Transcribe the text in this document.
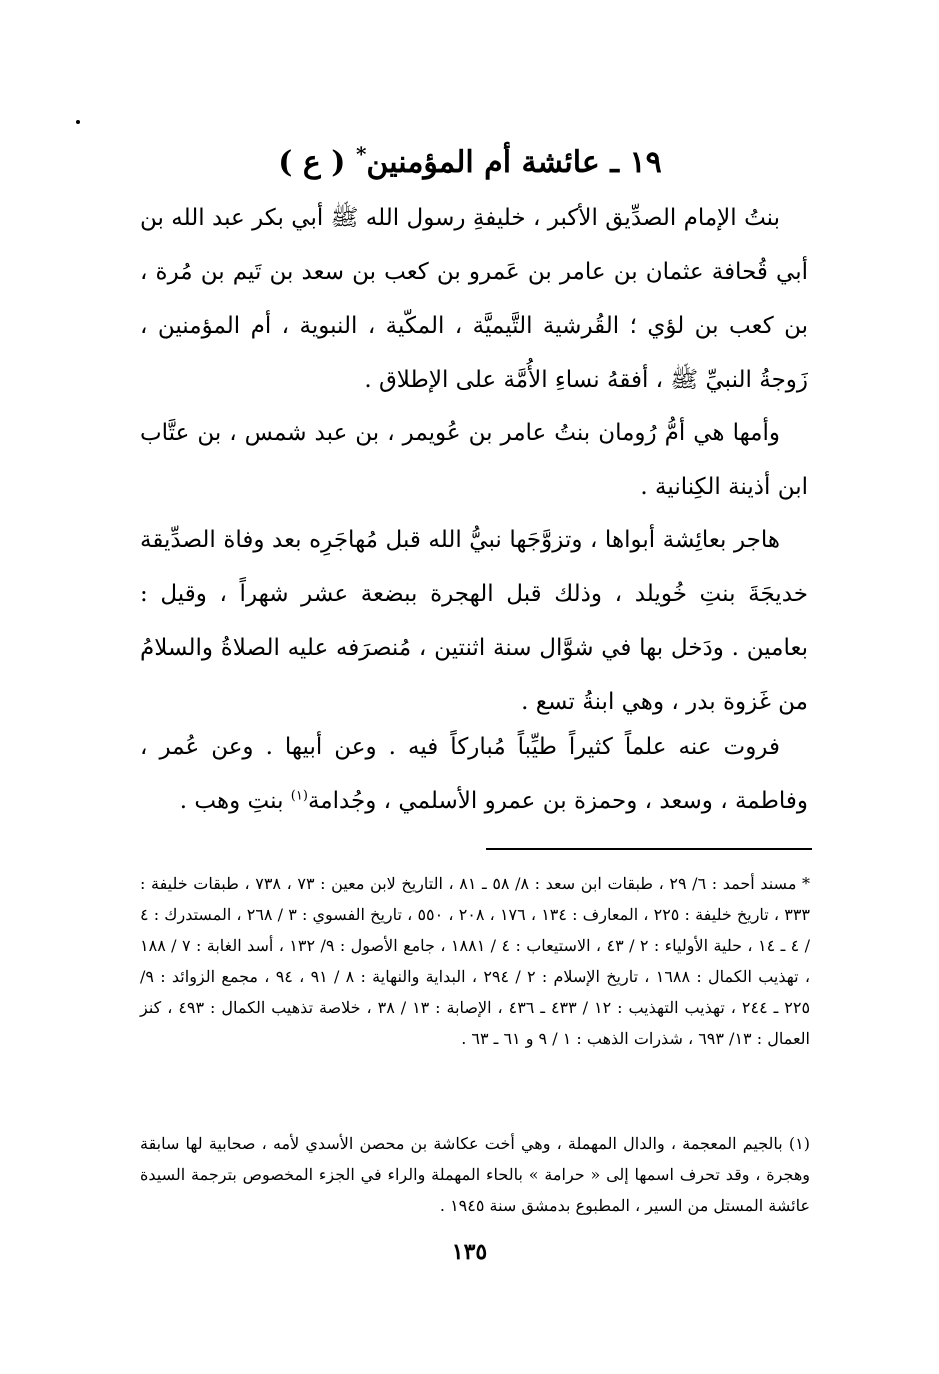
١٩ ـ عائشة أم المؤمنين* ( ع )

بنتُ الإمام الصدِّيق الأكبر ، خليفةِ رسول الله ﷺ أبي بكر عبد الله بن أبي قُحافة عثمان بن عامر بن عَمرو بن كعب بن سعد بن تَيم بن مُرة ، بن كعب بن لؤي ؛ القُرشية التَّيميَّة ، المكّية ، النبوية ، أم المؤمنين ، زَوجةُ النبيِّ ﷺ ، أفقهُ نساءِ الأُمَّة على الإطلاق .

وأمها هي أمُّ رُومان بنتُ عامر بن عُويمر ، بن عبد شمس ، بن عتَّاب ابن أذينة الكِنانية .

هاجر بعائِشة أبواها ، وتزوَّجَها نبيُّ الله قبل مُهاجَرِه بعد وفاة الصدِّيقة خديجَةَ بنتِ خُويلد ، وذلك قبل الهجرة ببضعة عشر شهراً ، وقيل : بعامين . ودَخل بها في شوَّال سنة اثنتين ، مُنصرَفه عليه الصلاةُ والسلامُ من غَزوة بدر ، وهي ابنةُ تسع .

فروت عنه علماً كثيراً طيِّباً مُباركاً فيه . وعن أبيها . وعن عُمر ، وفاطمة ، وسعد ، وحمزة بن عمرو الأسلمي ، وجُدامة$^{(١)}$ بنتِ وهب .

* مسند أحمد : ٦/ ٢٩ ، طبقات ابن سعد : ٨/ ٥٨ ـ ٨١ ، التاريخ لابن معين : ٧٣ ، ٧٣٨ ، طبقات خليفة : ٣٣٣ ، تاريخ خليفة : ٢٢٥ ، المعارف : ١٣٤ ، ١٧٦ ، ٢٠٨ ، ٥٥٠ ، تاريخ الفسوي : ٣ / ٢٦٨ ، المستدرك : ٤ / ٤ ـ ١٤ ، حلية الأولياء : ٢ / ٤٣ ، الاستيعاب : ٤ / ١٨٨١ ، جامع الأصول : ٩/ ١٣٢ ، أسد الغابة : ٧ / ١٨٨ ، تهذيب الكمال : ١٦٨٨ ، تاريخ الإسلام : ٢ / ٢٩٤ ، البداية والنهاية : ٨ / ٩١ ، ٩٤ ، مجمع الزوائد : ٩/ ٢٢٥ ـ ٢٤٤ ، تهذيب التهذيب : ١٢ / ٤٣٣ ـ ٤٣٦ ، الإصابة : ١٣ / ٣٨ ، خلاصة تذهيب الكمال : ٤٩٣ ، كنز العمال : ١٣/ ٦٩٣ ، شذرات الذهب : ١ / ٩ و ٦١ ـ ٦٣ .

(١) بالجيم المعجمة ، والدال المهملة ، وهي أخت عكاشة بن محصن الأسدي لأمه ، صحابية لها سابقة وهجرة ، وقد تحرف اسمها إلى « حرامة » بالحاء المهملة والراء في الجزء المخصوص بترجمة السيدة عائشة المستل من السير ، المطبوع بدمشق سنة ١٩٤٥ .

١٣٥
